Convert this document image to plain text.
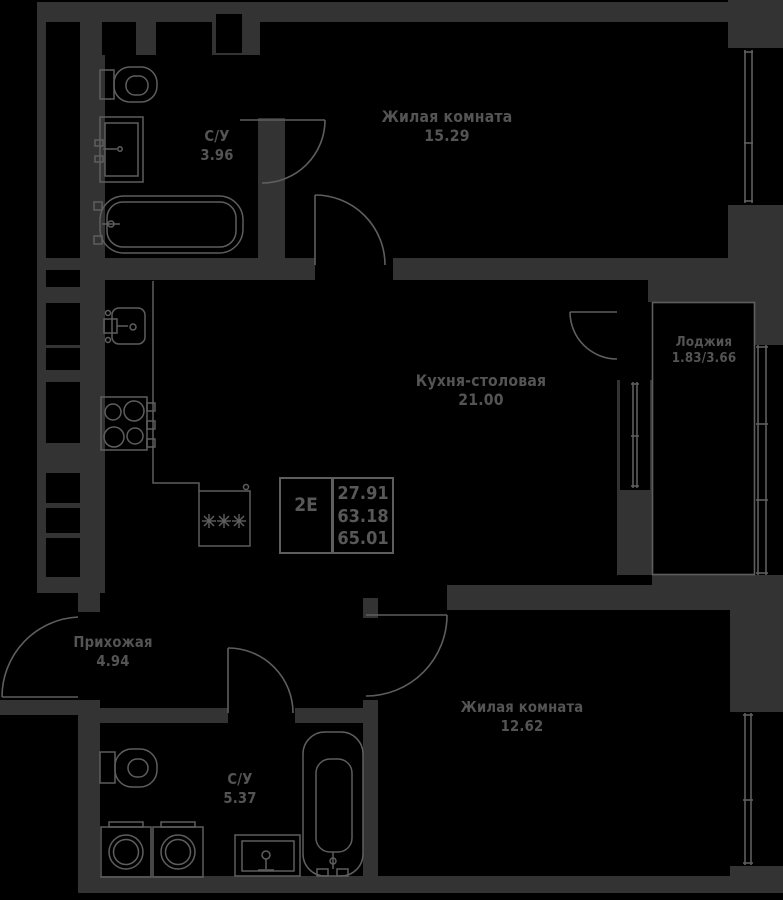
С/У
3.96
Жилая комната
15.29
Кухня-столовая
21.00
Лоджия
1.83/3.66
Прихожая
4.94
С/У
5.37
Жилая комната
12.62
2Е
27.91
63.18
65.01
